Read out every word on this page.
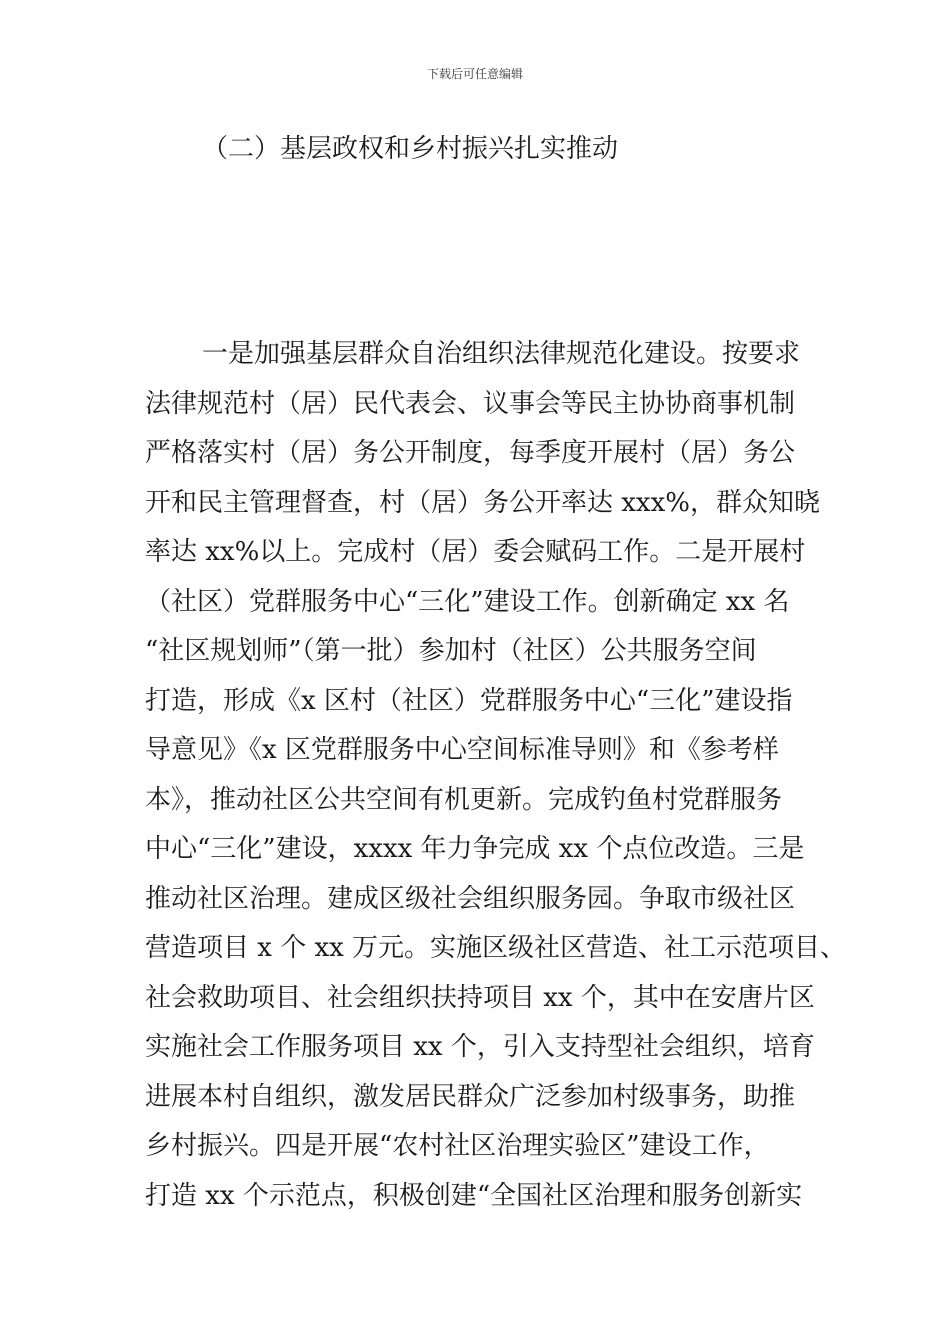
下载后可任意编辑
（二）基层政权和乡村振兴扎实推动
一是加强基层群众自治组织法律规范化建设。按要求
法律规范村（居）民代表会、议事会等民主协协商事机制
严格落实村（居）务公开制度，每季度开展村（居）务公
开和民主管理督查，村（居）务公开率达 xxx%，群众知晓
率达 xx%以上。完成村（居）委会赋码工作。二是开展村
（社区）党群服务中心“三化”建设工作。创新确定 xx 名
“社区规划师”（第一批）参加村（社区）公共服务空间
打造，形成《x 区村（社区）党群服务中心“三化”建设指
导意见》《x 区党群服务中心空间标准导则》和《参考样
本》，推动社区公共空间有机更新。完成钓鱼村党群服务
中心“三化”建设，xxxx 年力争完成 xx 个点位改造。三是
推动社区治理。建成区级社会组织服务园。争取市级社区
营造项目 x 个 xx 万元。实施区级社区营造、社工示范项目、
社会救助项目、社会组织扶持项目 xx 个，其中在安唐片区
实施社会工作服务项目 xx 个，引入支持型社会组织，培育
进展本村自组织，激发居民群众广泛参加村级事务，助推
乡村振兴。四是开展“农村社区治理实验区”建设工作，
打造 xx 个示范点，积极创建“全国社区治理和服务创新实
